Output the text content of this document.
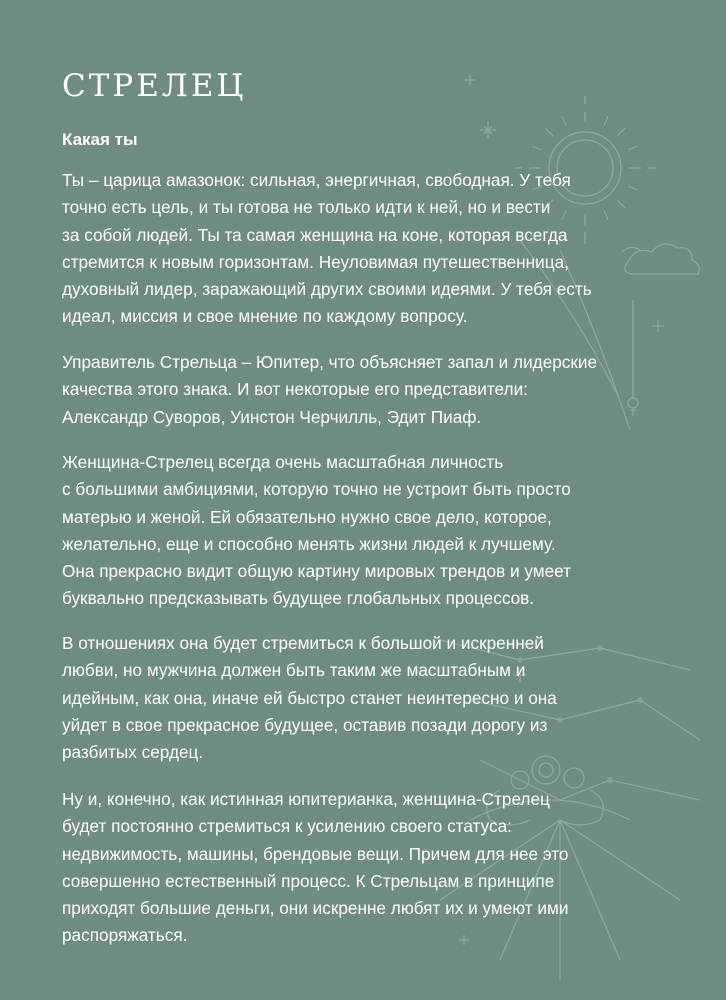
СТРЕЛЕЦ
Какая ты

Ты – царица амазонок: сильная, энергичная, свободная. У тебя
точно есть цель, и ты готова не только идти к ней, но и вести
за собой людей. Ты та самая женщина на коне, которая всегда
стремится к новым горизонтам. Неуловимая путешественница,
духовный лидер, заражающий других своими идеями. У тебя есть
идеал, миссия и свое мнение по каждому вопросу.

Управитель Стрельца – Юпитер, что объясняет запал и лидерские
качества этого знака. И вот некоторые его представители:
Александр Суворов, Уинстон Черчилль, Эдит Пиаф.

Женщина-Стрелец всегда очень масштабная личность
с большими амбициями, которую точно не устроит быть просто
матерью и женой. Ей обязательно нужно свое дело, которое,
желательно, еще и способно менять жизни людей к лучшему.
Она прекрасно видит общую картину мировых трендов и умеет
буквально предсказывать будущее глобальных процессов.

В отношениях она будет стремиться к большой и искренней
любви, но мужчина должен быть таким же масштабным и
идейным, как она, иначе ей быстро станет неинтересно и она
уйдет в свое прекрасное будущее, оставив позади дорогу из
разбитых сердец.

Ну и, конечно, как истинная юпитерианка, женщина-Стрелец
будет постоянно стремиться к усилению своего статуса:
недвижимость, машины, брендовые вещи. Причем для нее это
совершенно естественный процесс. К Стрельцам в принципе
приходят большие деньги, они искренне любят их и умеют ими
распоряжаться.
